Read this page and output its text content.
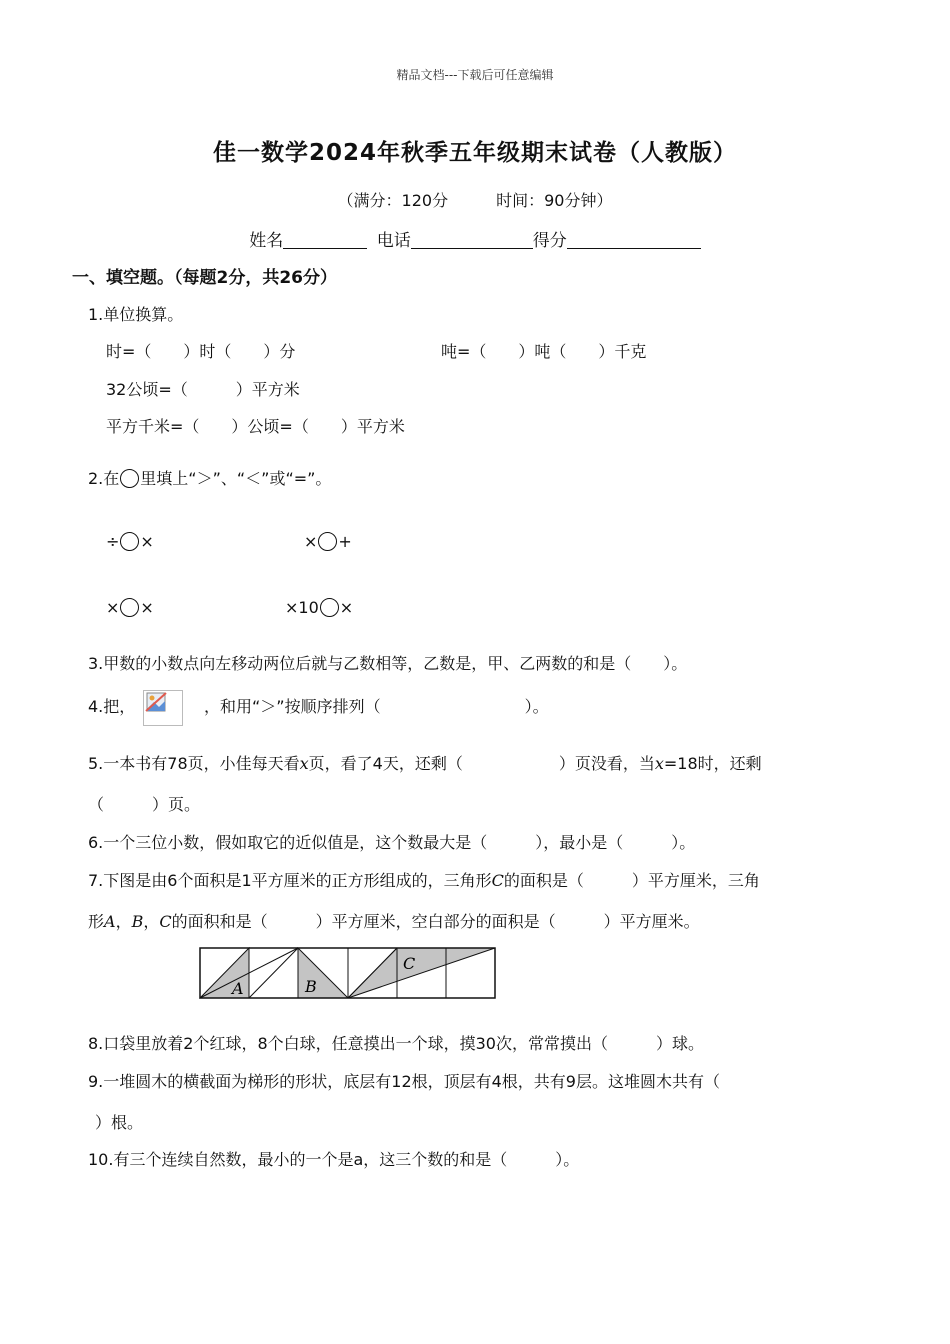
精品文档---下载后可任意编辑
佳一数学2024年秋季五年级期末试卷（人教版）
（满分：120分	时间：90分钟）
姓名	电话	得分
一、填空题。（每题2分，共26分）
1.单位换算。
时=（　　）时（　　）分	吨=（　　）吨（　　）千克
32公顷=（　　　）平方米
平方千米=（　　）公顷=（　　）平方米
2.在 里填上“＞”、“＜”或“=”。
÷ ×	× +
× ×	×10 ×
3.甲数的小数点向左移动两位后就与乙数相等，乙数是，甲、乙两数的和是（　　）。
4.把，	，和用“＞”按顺序排列（　　　　　　　　　）。
5.一本书有78页，小佳每天看x页，看了4天，还剩（　　　　　　）页没看，当x=18时，还剩
（　　　）页。
6.一个三位小数，假如取它的近似值是，这个数最大是（　　　），最小是（　　　）。
7.下图是由6个面积是1平方厘米的正方形组成的，三角形C的面积是（　　　）平方厘米，三角
形A，B，C的面积和是（　　　）平方厘米，空白部分的面积是（　　　）平方厘米。
A	B
C
8.口袋里放着2个红球，8个白球，任意摸出一个球，摸30次，常常摸出（　　　）球。
9.一堆圆木的横截面为梯形的形状，底层有12根，顶层有4根，共有9层。这堆圆木共有（
）根。
10.有三个连续自然数，最小的一个是a，这三个数的和是（　　　）。
